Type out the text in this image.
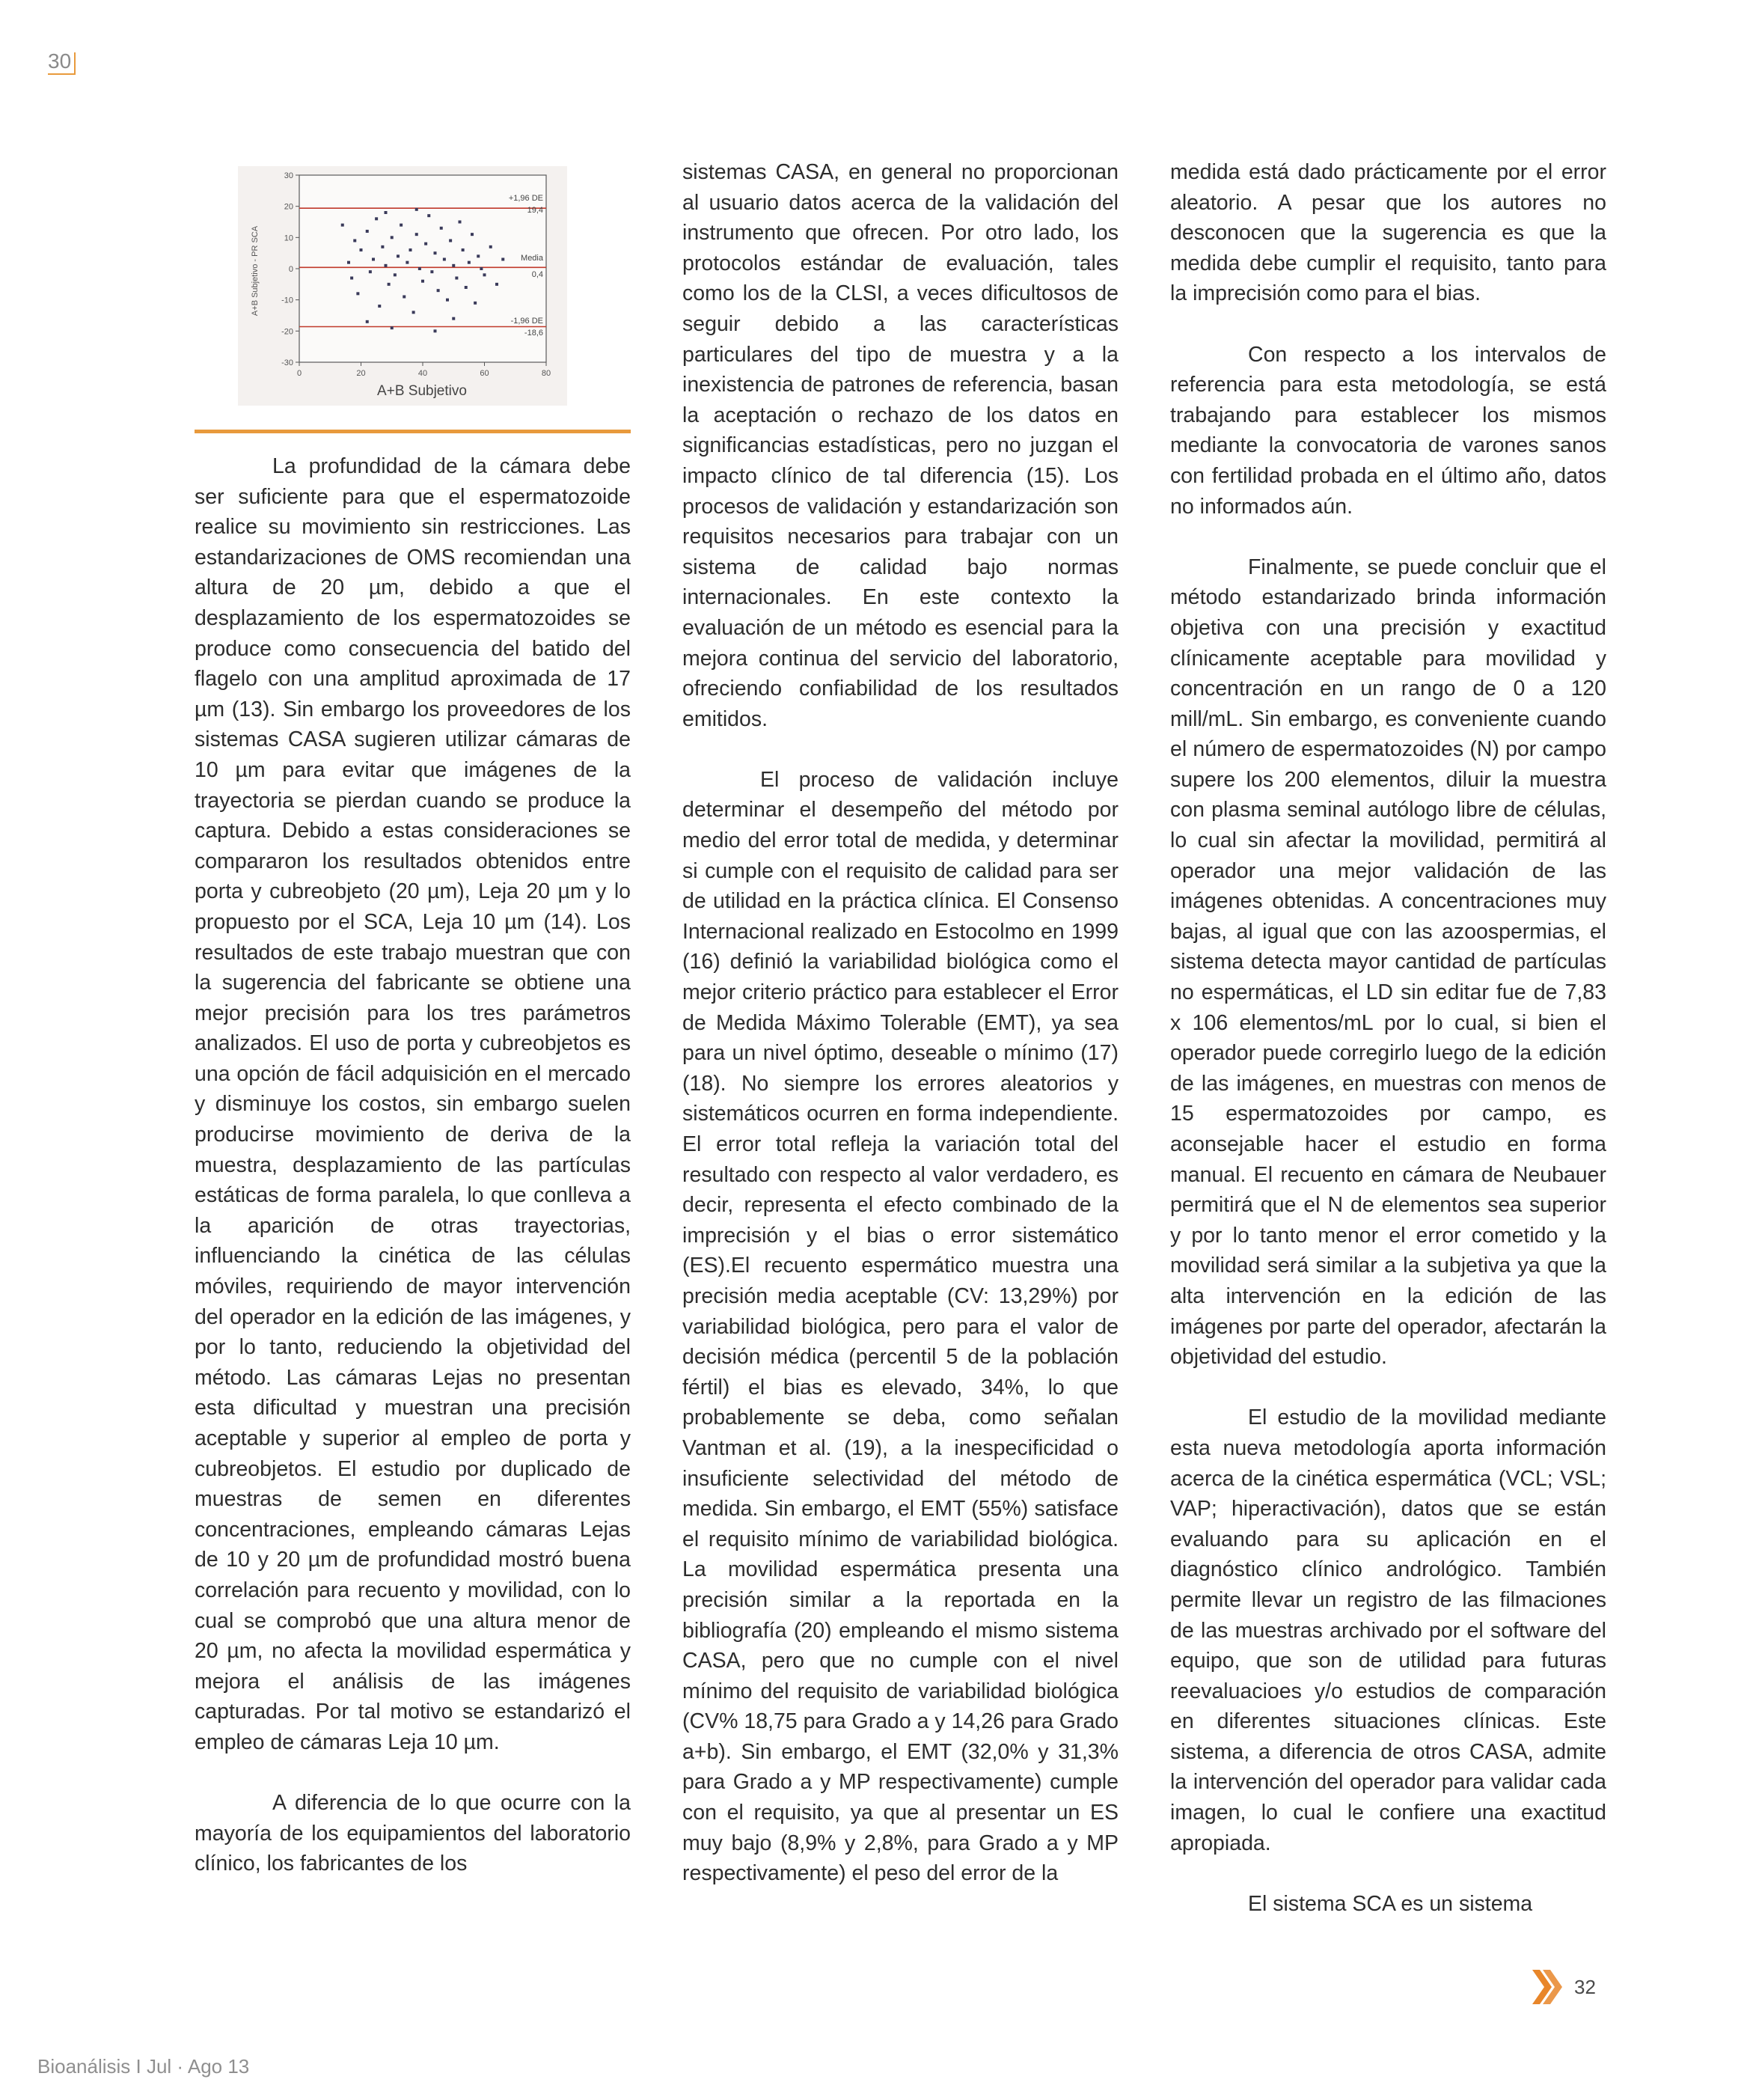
30
30
20
10
0
-10
-20
-30
0	20	40	60	80
A+B Subjetivo - PR SCA
A+B Subjetivo
+1,96 DE
19,4
Media
0,4
-1,96 DE
-18,6

La profundidad de la cámara debe ser suficiente para que el espermatozoide realice su movimiento sin restricciones. Las estandarizaciones de OMS recomiendan una altura de 20 µm, debido a que el desplazamiento de los espermatozoides se produce como consecuencia del batido del flagelo con una amplitud aproximada de 17 µm (13). Sin embargo los proveedores de los sistemas CASA sugieren utilizar cámaras de 10 µm para evitar que imágenes de la trayectoria se pierdan cuando se produce la captura. Debido a estas consideraciones se compararon los resultados obtenidos entre porta y cubreobjeto (20 µm), Leja 20 µm y lo propuesto por el SCA, Leja 10 µm (14). Los resultados de este trabajo muestran que con la sugerencia del fabricante se obtiene una mejor precisión para los tres parámetros analizados. El uso de porta y cubreobjetos es una opción de fácil adquisición en el mercado y disminuye los costos, sin embargo suelen producirse movimiento de deriva de la muestra, desplazamiento de las partículas estáticas de forma paralela, lo que conlleva a la aparición de otras trayectorias, influenciando la cinética de las células móviles, requiriendo de mayor intervención del operador en la edición de las imágenes, y por lo tanto, reduciendo la objetividad del método. Las cámaras Lejas no presentan esta dificultad y muestran una precisión aceptable y superior al empleo de porta y cubreobjetos. El estudio por duplicado de muestras de semen en diferentes concentraciones, empleando cámaras Lejas de 10 y 20 µm de profundidad mostró buena correlación para recuento y movilidad, con lo cual se comprobó que una altura menor de 20 µm, no afecta la movilidad espermática y mejora el análisis de las imágenes capturadas. Por tal motivo se estandarizó el empleo de cámaras Leja 10 µm.

A diferencia de lo que ocurre con la mayoría de los equipamientos del laboratorio clínico, los fabricantes de los

sistemas CASA, en general no proporcionan al usuario datos acerca de la validación del instrumento que ofrecen. Por otro lado, los protocolos estándar de evaluación, tales como los de la CLSI, a veces dificultosos de seguir debido a las características particulares del tipo de muestra y a la inexistencia de patrones de referencia, basan la aceptación o rechazo de los datos en significancias estadísticas, pero no juzgan el impacto clínico de tal diferencia (15). Los procesos de validación y estandarización son requisitos necesarios para trabajar con un sistema de calidad bajo normas internacionales. En este contexto la evaluación de un método es esencial para la mejora continua del servicio del laboratorio, ofreciendo confiabilidad de los resultados emitidos.

El proceso de validación incluye determinar el desempeño del método por medio del error total de medida, y determinar si cumple con el requisito de calidad para ser de utilidad en la práctica clínica. El Consenso Internacional realizado en Estocolmo en 1999 (16) definió la variabilidad biológica como el mejor criterio práctico para establecer el Error de Medida Máximo Tolerable (EMT), ya sea para un nivel óptimo, deseable o mínimo (17) (18). No siempre los errores aleatorios y sistemáticos ocurren en forma independiente. El error total refleja la variación total del resultado con respecto al valor verdadero, es decir, representa el efecto combinado de la imprecisión y el bias o error sistemático (ES).El recuento espermático muestra una precisión media aceptable (CV: 13,29%) por variabilidad biológica, pero para el valor de decisión médica (percentil 5 de la población fértil) el bias es elevado, 34%, lo que probablemente se deba, como señalan Vantman et al. (19), a la inespecificidad o insuficiente selectividad del método de medida. Sin embargo, el EMT (55%) satisface el requisito mínimo de variabilidad biológica. La movilidad espermática presenta una precisión similar a la reportada en la bibliografía (20) empleando el mismo sistema CASA, pero que no cumple con el nivel mínimo del requisito de variabilidad biológica (CV% 18,75 para Grado a y 14,26 para Grado a+b). Sin embargo, el EMT (32,0% y 31,3% para Grado a y MP respectivamente) cumple con el requisito, ya que al presentar un ES muy bajo (8,9% y 2,8%, para Grado a y MP respectivamente) el peso del error de la

medida está dado prácticamente por el error aleatorio. A pesar que los autores no desconocen que la sugerencia es que la medida debe cumplir el requisito, tanto para la imprecisión como para el bias.

Con respecto a los intervalos de referencia para esta metodología, se está trabajando para establecer los mismos mediante la convocatoria de varones sanos con fertilidad probada en el último año, datos no informados aún.

Finalmente, se puede concluir que el método estandarizado brinda información objetiva con una precisión y exactitud clínicamente aceptable para movilidad y concentración en un rango de 0 a 120 mill/mL. Sin embargo, es conveniente cuando el número de espermatozoides (N) por campo supere los 200 elementos, diluir la muestra con plasma seminal autólogo libre de células, lo cual sin afectar la movilidad, permitirá al operador una mejor validación de las imágenes obtenidas. A concentraciones muy bajas, al igual que con las azoospermias, el sistema detecta mayor cantidad de partículas no espermáticas, el LD sin editar fue de 7,83 x 106 elementos/mL por lo cual, si bien el operador puede corregirlo luego de la edición de las imágenes, en muestras con menos de 15 espermatozoides por campo, es aconsejable hacer el estudio en forma manual. El recuento en cámara de Neubauer permitirá que el N de elementos sea superior y por lo tanto menor el error cometido y la movilidad será similar a la subjetiva ya que la alta intervención en la edición de las imágenes por parte del operador, afectarán la objetividad del estudio.

El estudio de la movilidad mediante esta nueva metodología aporta información acerca de la cinética espermática (VCL; VSL; VAP; hiperactivación), datos que se están evaluando para su aplicación en el diagnóstico clínico andrológico. También permite llevar un registro de las filmaciones de las muestras archivado por el software del equipo, que son de utilidad para futuras reevaluacioes y/o estudios de comparación en diferentes situaciones clínicas. Este sistema, a diferencia de otros CASA, admite la intervención del operador para validar cada imagen, lo cual le confiere una exactitud apropiada.

El sistema SCA es un sistema

Bioanálisis I Jul · Ago 13
32
